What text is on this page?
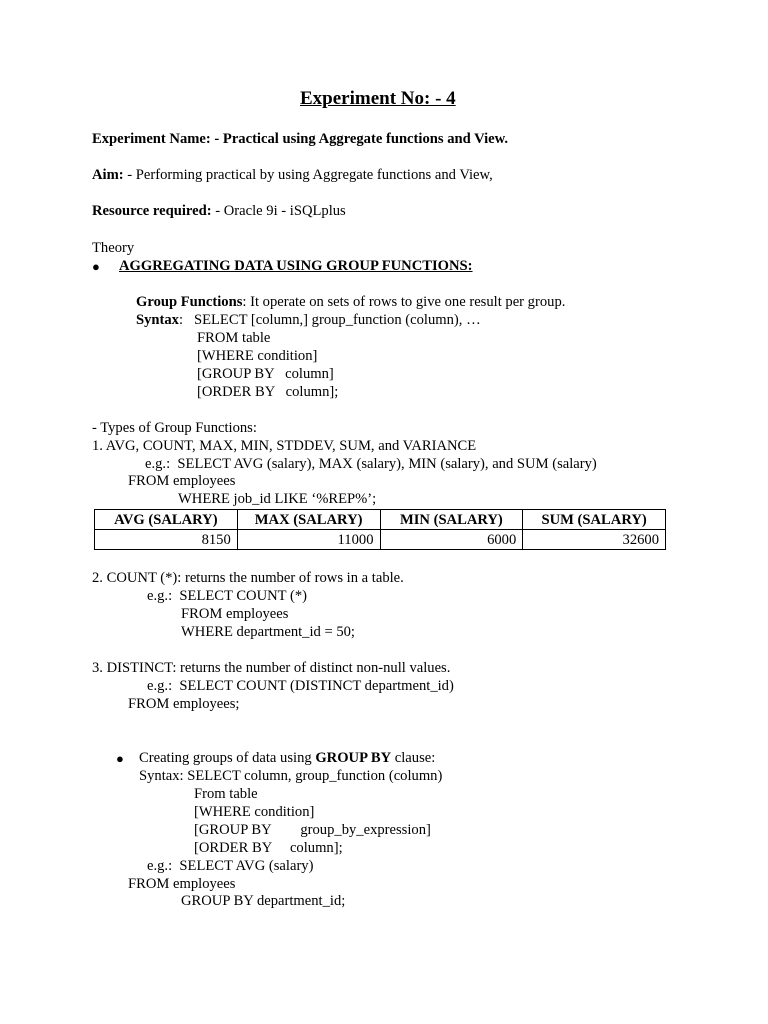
Experiment No: - 4
Experiment Name: - Practical using Aggregate functions and View.
Aim: - Performing practical by using Aggregate functions and View,
Resource required: - Oracle 9i - iSQLplus
Theory
● AGGREGATING DATA USING GROUP FUNCTIONS:
Group Functions: It operate on sets of rows to give one result per group.
Syntax:   SELECT [column,] group_function (column), …
FROM table
[WHERE condition]
[GROUP BY   column]
[ORDER BY   column];
- Types of Group Functions:
1. AVG, COUNT, MAX, MIN, STDDEV, SUM, and VARIANCE
e.g.:  SELECT AVG (salary), MAX (salary), MIN (salary), and SUM (salary)
FROM employees
WHERE job_id LIKE ‘%REP%’;
AVG (SALARY)	MAX (SALARY)	MIN (SALARY)	SUM (SALARY)
8150	11000	6000	32600
2. COUNT (*): returns the number of rows in a table.
e.g.:  SELECT COUNT (*)
FROM employees
WHERE department_id = 50;
3. DISTINCT: returns the number of distinct non-null values.
e.g.:  SELECT COUNT (DISTINCT department_id)
FROM employees;
● Creating groups of data using GROUP BY clause:
Syntax: SELECT column, group_function (column)
From table
[WHERE condition]
[GROUP BY        group_by_expression]
[ORDER BY     column];
e.g.:  SELECT AVG (salary)
FROM employees
GROUP BY department_id;
